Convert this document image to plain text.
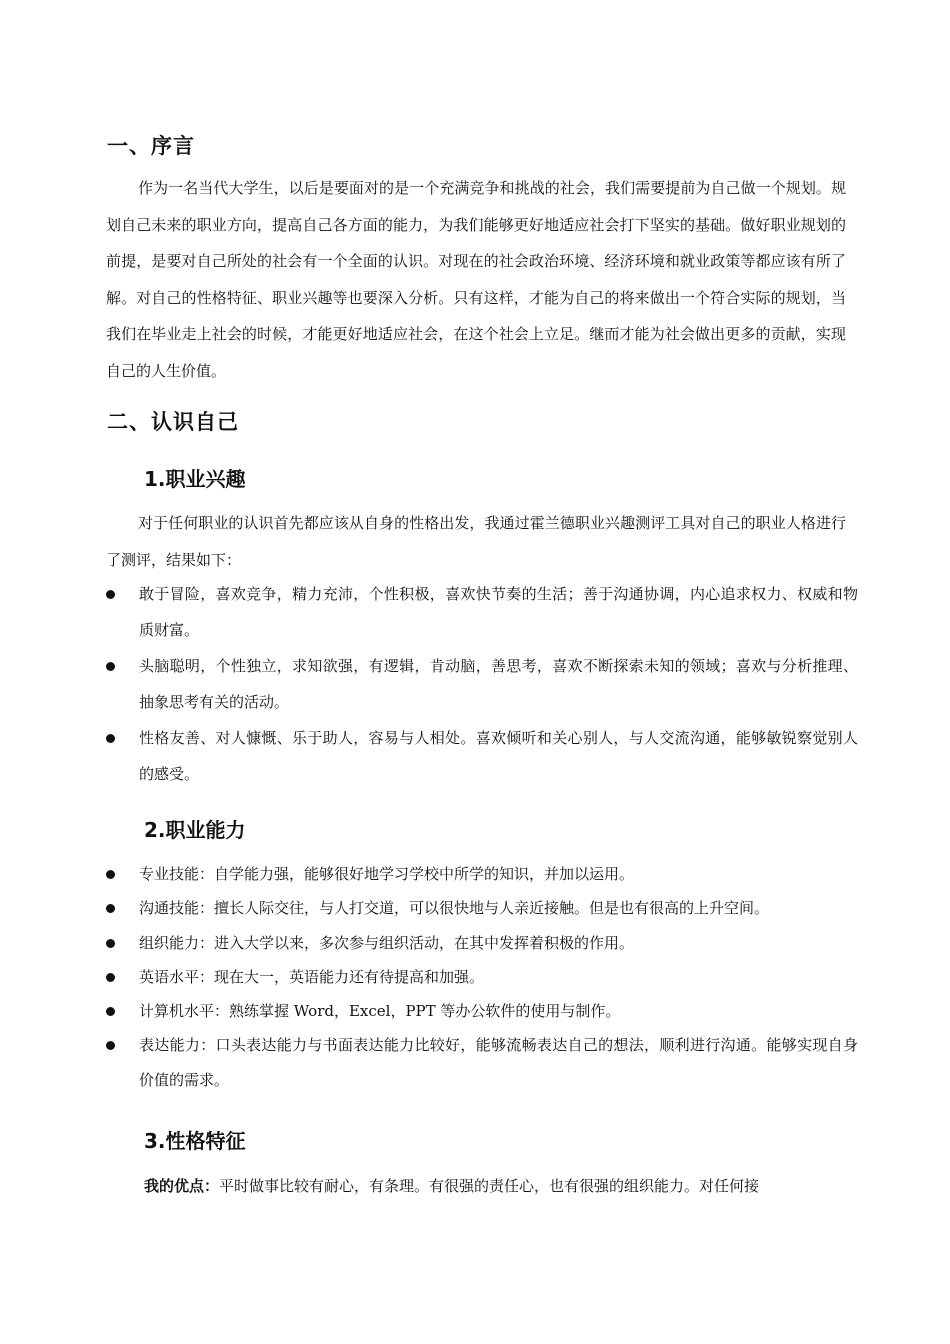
一、序言

作为一名当代大学生，以后是要面对的是一个充满竞争和挑战的社会，我们需要提前为自己做一个规划。规划自己未来的职业方向，提高自己各方面的能力，为我们能够更好地适应社会打下坚实的基础。做好职业规划的前提，是要对自己所处的社会有一个全面的认识。对现在的社会政治环境、经济环境和就业政策等都应该有所了解。对自己的性格特征、职业兴趣等也要深入分析。只有这样，才能为自己的将来做出一个符合实际的规划，当我们在毕业走上社会的时候，才能更好地适应社会，在这个社会上立足。继而才能为社会做出更多的贡献，实现自己的人生价值。

二、认识自己
1.职业兴趣

对于任何职业的认识首先都应该从自身的性格出发，我通过霍兰德职业兴趣测评工具对自己的职业人格进行了测评，结果如下：

敢于冒险，喜欢竞争，精力充沛，个性积极，喜欢快节奏的生活；善于沟通协调，内心追求权力、权威和物质财富。
头脑聪明，个性独立，求知欲强，有逻辑，肯动脑，善思考，喜欢不断探索未知的领域；喜欢与分析推理、抽象思考有关的活动。
性格友善、对人慷慨、乐于助人，容易与人相处。喜欢倾听和关心别人，与人交流沟通，能够敏锐察觉别人的感受。
2.职业能力
专业技能：自学能力强，能够很好地学习学校中所学的知识，并加以运用。
沟通技能：擅长人际交往，与人打交道，可以很快地与人亲近接触。但是也有很高的上升空间。
组织能力：进入大学以来，多次参与组织活动，在其中发挥着积极的作用。
英语水平：现在大一，英语能力还有待提高和加强。
计算机水平：熟练掌握 Word，Excel，PPT 等办公软件的使用与制作。
表达能力：口头表达能力与书面表达能力比较好，能够流畅表达自己的想法，顺利进行沟通。能够实现自身价值的需求。
3.性格特征

我的优点：平时做事比较有耐心，有条理。有很强的责任心，也有很强的组织能力。对任何接
